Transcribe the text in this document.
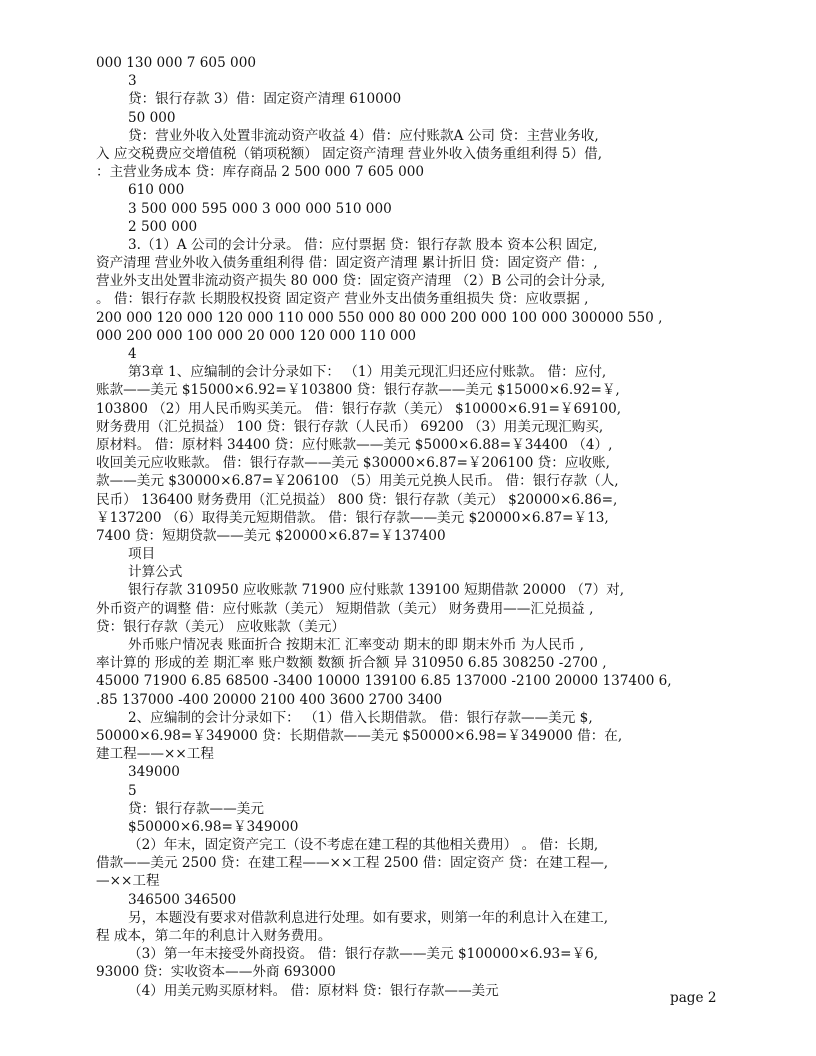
000 130 000 7 605 000
3
贷：银行存款 3）借：固定资产清理 610000
50 000
贷：营业外收入处置非流动资产收益 4）借：应付账款A 公司 贷：主营业务收,
入 应交税费应交增值税（销项税额） 固定资产清理 营业外收入债务重组利得 5）借,
：主营业务成本 贷：库存商品 2 500 000 7 605 000
610 000
3 500 000 595 000 3 000 000 510 000
2 500 000
3.（1）A 公司的会计分录。 借：应付票据 贷：银行存款 股本 资本公积 固定,
资产清理 营业外收入债务重组利得 借：固定资产清理 累计折旧 贷：固定资产 借：,
营业外支出处置非流动资产损失 80 000 贷：固定资产清理 （2）B 公司的会计分录,
。 借：银行存款 长期股权投资 固定资产 营业外支出债务重组损失 贷：应收票据 ,
200 000 120 000 120 000 110 000 550 000 80 000 200 000 100 000 300000 550 ,
000 200 000 100 000 20 000 120 000 110 000
4
第3章 1、应编制的会计分录如下： （1）用美元现汇归还应付账款。 借：应付,
账款——美元 $15000×6.92=￥103800 贷：银行存款——美元 $15000×6.92=￥,
103800 （2）用人民币购买美元。 借：银行存款（美元） $10000×6.91=￥69100,
财务费用（汇兑损益） 100 贷：银行存款（人民币） 69200 （3）用美元现汇购买,
原材料。 借：原材料 34400 贷：应付账款——美元 $5000×6.88=￥34400 （4）,
收回美元应收账款。 借：银行存款——美元 $30000×6.87=￥206100 贷：应收账,
款——美元 $30000×6.87=￥206100 （5）用美元兑换人民币。 借：银行存款（人,
民币） 136400 财务费用（汇兑损益） 800 贷：银行存款（美元） $20000×6.86=,
￥137200 （6）取得美元短期借款。 借：银行存款——美元 $20000×6.87=￥13,
7400 贷：短期贷款——美元 $20000×6.87=￥137400
项目
计算公式
银行存款 310950 应收账款 71900 应付账款 139100 短期借款 20000 （7）对,
外币资产的调整 借：应付账款（美元） 短期借款（美元） 财务费用——汇兑损益 ,
贷：银行存款（美元） 应收账款（美元）
外币账户情况表 账面折合 按期末汇 汇率变动 期末的即 期末外币 为人民币 ,
率计算的 形成的差 期汇率 账户数额 数额 折合额 异 310950 6.85 308250 -2700 ,
45000 71900 6.85 68500 -3400 10000 139100 6.85 137000 -2100 20000 137400 6,
.85 137000 -400 20000 2100 400 3600 2700 3400
2、应编制的会计分录如下： （1）借入长期借款。 借：银行存款——美元 $,
50000×6.98=￥349000 贷：长期借款——美元 $50000×6.98=￥349000 借：在,
建工程——××工程
349000
5
贷：银行存款——美元
$50000×6.98=￥349000
（2）年末，固定资产完工（设不考虑在建工程的其他相关费用） 。 借：长期,
借款——美元 2500 贷：在建工程——××工程 2500 借：固定资产 贷：在建工程—,
—××工程
346500 346500
另，本题没有要求对借款利息进行处理。如有要求，则第一年的利息计入在建工,
程 成本，第二年的利息计入财务费用。
（3）第一年末接受外商投资。 借：银行存款——美元 $100000×6.93=￥6,
93000 贷：实收资本——外商 693000
（4）用美元购买原材料。 借：原材料 贷：银行存款——美元	page 2
